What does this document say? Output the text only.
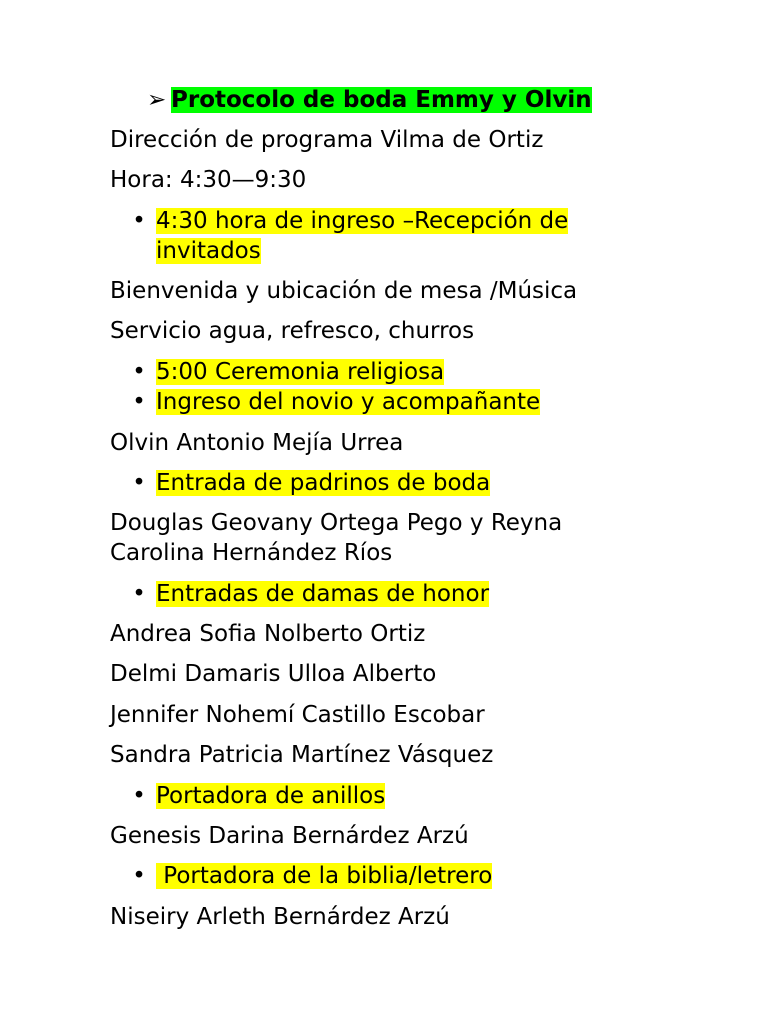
➢ Protocolo de boda Emmy y Olvin
Dirección de programa Vilma de Ortiz
Hora: 4:30—9:30
• 4:30 hora de ingreso –Recepción de
invitados
Bienvenida y ubicación de mesa /Música
Servicio agua, refresco, churros
• 5:00 Ceremonia religiosa
• Ingreso del novio y acompañante
Olvin Antonio Mejía Urrea
• Entrada de padrinos de boda
Douglas Geovany Ortega Pego y Reyna
Carolina Hernández Ríos
• Entradas de damas de honor
Andrea Sofia Nolberto Ortiz
Delmi Damaris Ulloa Alberto
Jennifer Nohemí Castillo Escobar
Sandra Patricia Martínez Vásquez
• Portadora de anillos
Genesis Darina Bernárdez Arzú
• Portadora de la biblia/letrero
Niseiry Arleth Bernárdez Arzú
